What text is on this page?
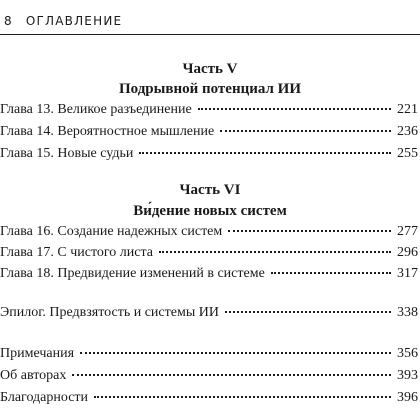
8 ОГЛАВЛЕНИЕ
Часть V
Подрывной потенциал ИИ
Глава 13. Великое разъединение	221
Глава 14. Вероятностное мышление	236
Глава 15. Новые судьи	255
Часть VI
Ви́дение новых систем
Глава 16. Создание надежных систем	277
Глава 17. С чистого листа	296
Глава 18. Предвидение изменений в системе	317
Эпилог. Предвзятость и системы ИИ	338
Примечания	356
Об авторах	393
Благодарности	396
